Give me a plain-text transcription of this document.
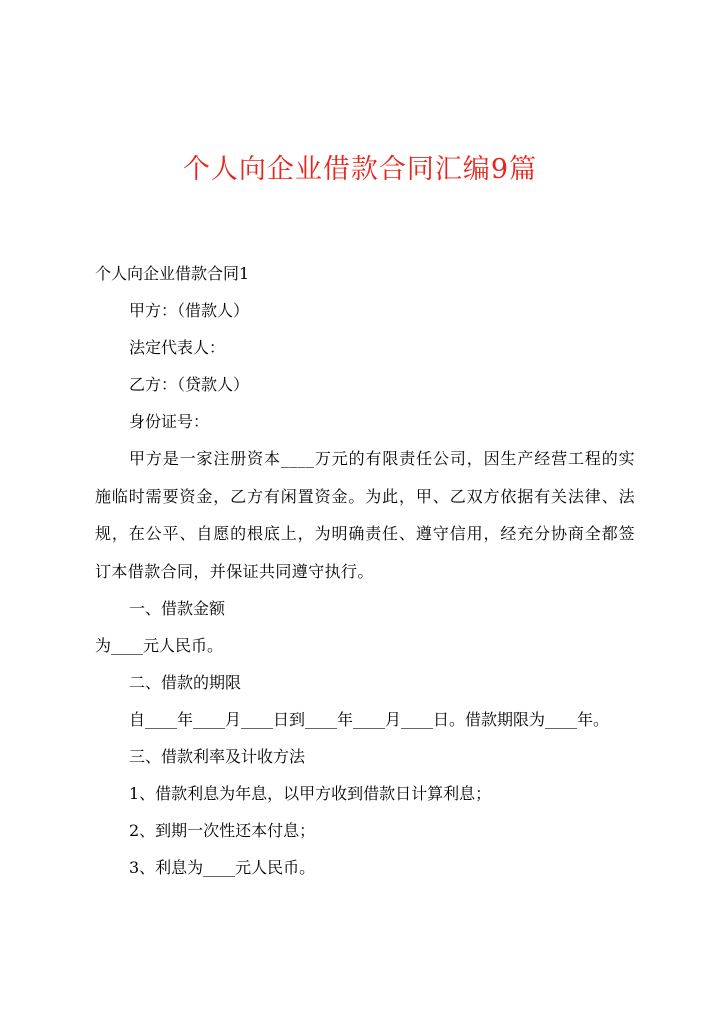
个人向企业借款合同汇编9篇

个人向企业借款合同1

甲方：（借款人）

法定代表人：

乙方：（贷款人）

身份证号：

甲方是一家注册资本____万元的有限责任公司，因生产经营工程的实施临时需要资金，乙方有闲置资金。为此，甲、乙双方依据有关法律、法规，在公平、自愿的根底上，为明确责任、遵守信用，经充分协商全都签订本借款合同，并保证共同遵守执行。

一、借款金额

为____元人民币。

二、借款的期限

自____年____月____日到____年____月____日。借款期限为____年。

三、借款利率及计收方法

1、借款利息为年息，以甲方收到借款日计算利息；

2、到期一次性还本付息；

3、利息为____元人民币。
